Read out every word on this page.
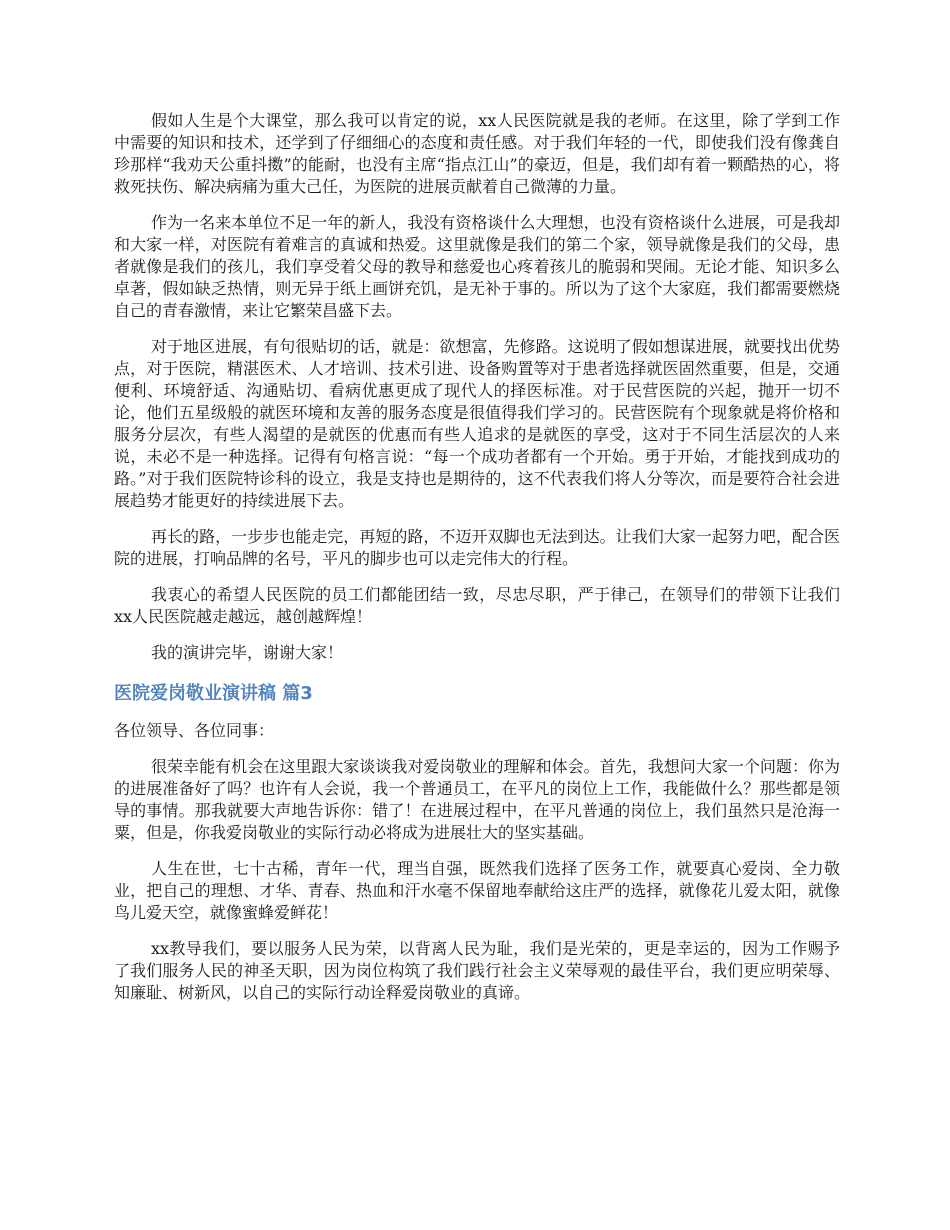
假如人生是个大课堂，那么我可以肯定的说，xx人民医院就是我的老师。在这里，除了学到工作中需要的知识和技术，还学到了仔细细心的态度和责任感。对于我们年轻的一代，即使我们没有像龚自珍那样“我劝天公重抖擞”的能耐，也没有主席“指点江山”的豪迈，但是，我们却有着一颗酷热的心，将救死扶伤、解决病痛为重大己任，为医院的进展贡献着自己微薄的力量。

作为一名来本单位不足一年的新人，我没有资格谈什么大理想，也没有资格谈什么进展，可是我却和大家一样，对医院有着难言的真诚和热爱。这里就像是我们的第二个家，领导就像是我们的父母，患者就像是我们的孩儿，我们享受着父母的教导和慈爱也心疼着孩儿的脆弱和哭闹。无论才能、知识多么卓著，假如缺乏热情，则无异于纸上画饼充饥，是无补于事的。所以为了这个大家庭，我们都需要燃烧自己的青春激情，来让它繁荣昌盛下去。

对于地区进展，有句很贴切的话，就是：欲想富，先修路。这说明了假如想谋进展，就要找出优势点，对于医院，精湛医术、人才培训、技术引进、设备购置等对于患者选择就医固然重要，但是，交通便利、环境舒适、沟通贴切、看病优惠更成了现代人的择医标准。对于民营医院的兴起，抛开一切不论，他们五星级般的就医环境和友善的服务态度是很值得我们学习的。民营医院有个现象就是将价格和服务分层次，有些人渴望的是就医的优惠而有些人追求的是就医的享受，这对于不同生活层次的人来说，未必不是一种选择。记得有句格言说：“每一个成功者都有一个开始。勇于开始，才能找到成功的路。”对于我们医院特诊科的设立，我是支持也是期待的，这不代表我们将人分等次，而是要符合社会进展趋势才能更好的持续进展下去。

再长的路，一步步也能走完，再短的路，不迈开双脚也无法到达。让我们大家一起努力吧，配合医院的进展，打响品牌的名号，平凡的脚步也可以走完伟大的行程。

我衷心的希望人民医院的员工们都能团结一致，尽忠尽职，严于律己，在领导们的带领下让我们xx人民医院越走越远，越创越辉煌！

我的演讲完毕，谢谢大家！

医院爱岗敬业演讲稿 篇3

各位领导、各位同事：

很荣幸能有机会在这里跟大家谈谈我对爱岗敬业的理解和体会。首先，我想问大家一个问题：你为的进展准备好了吗？也许有人会说，我一个普通员工，在平凡的岗位上工作，我能做什么？那些都是领导的事情。那我就要大声地告诉你：错了！在进展过程中，在平凡普通的岗位上，我们虽然只是沧海一粟，但是，你我爱岗敬业的实际行动必将成为进展壮大的坚实基础。

人生在世，七十古稀，青年一代，理当自强，既然我们选择了医务工作，就要真心爱岗、全力敬业，把自己的理想、才华、青春、热血和汗水毫不保留地奉献给这庄严的选择，就像花儿爱太阳，就像鸟儿爱天空，就像蜜蜂爱鲜花！

xx教导我们，要以服务人民为荣，以背离人民为耻，我们是光荣的，更是幸运的，因为工作赐予了我们服务人民的神圣天职，因为岗位构筑了我们践行社会主义荣辱观的最佳平台，我们更应明荣辱、知廉耻、树新风，以自己的实际行动诠释爱岗敬业的真谛。
